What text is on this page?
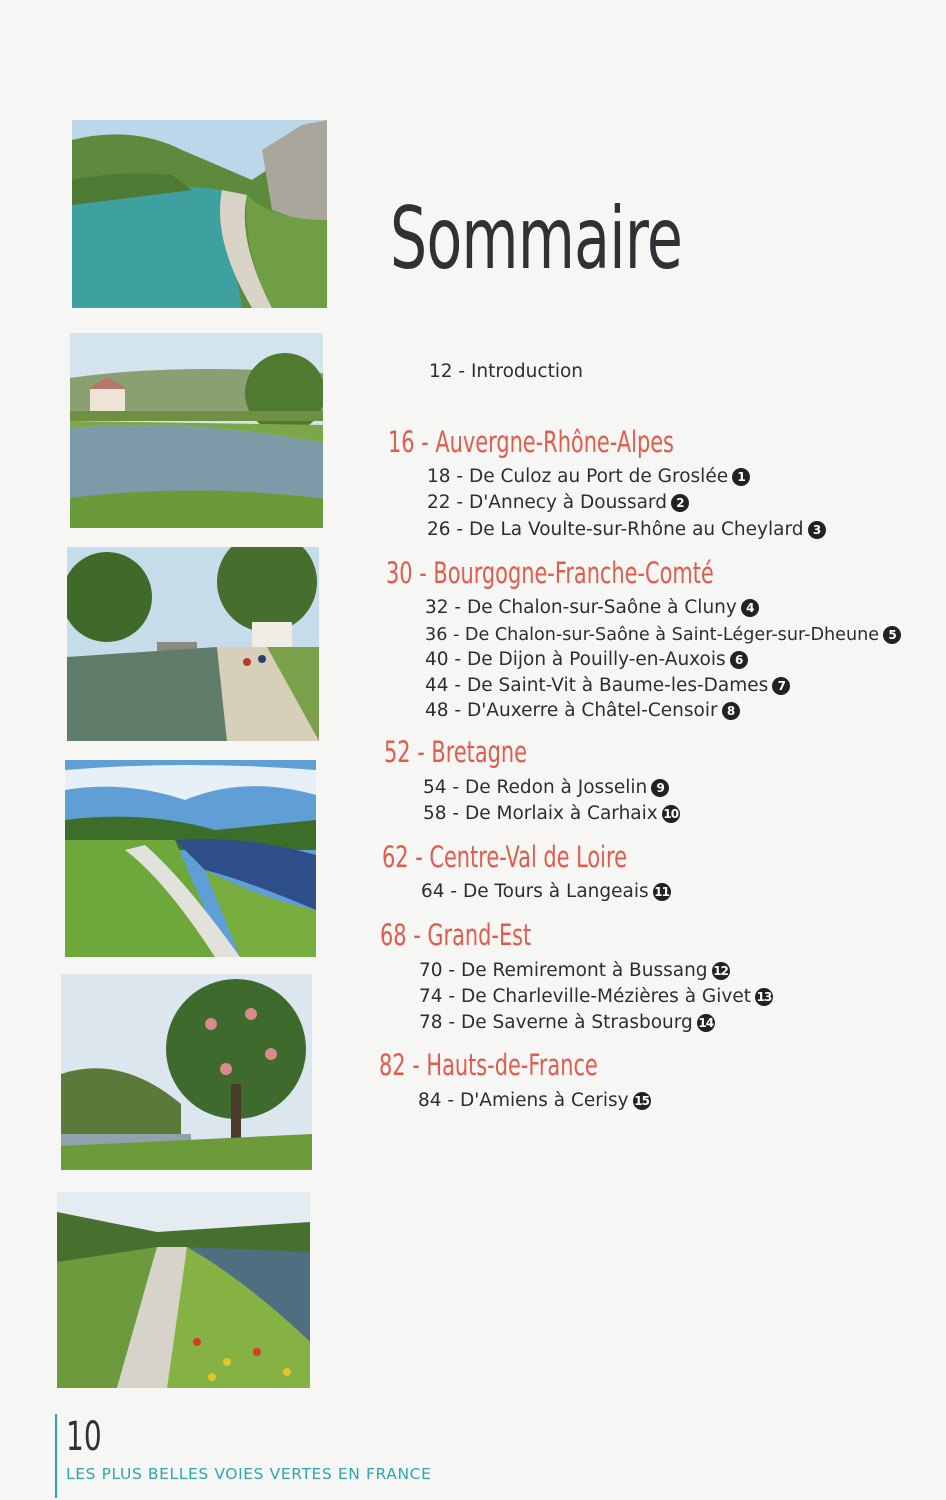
Sommaire
12 - Introduction
16 - Auvergne-Rhône-Alpes
18 - De Culoz au Port de Groslée 1
22 - D'Annecy à Doussard 2
26 - De La Voulte-sur-Rhône au Cheylard 3
30 - Bourgogne-Franche-Comté
32 - De Chalon-sur-Saône à Cluny 4
36 - De Chalon-sur-Saône à Saint-Léger-sur-Dheune 5
40 - De Dijon à Pouilly-en-Auxois 6
44 - De Saint-Vit à Baume-les-Dames 7
48 - D'Auxerre à Châtel-Censoir 8
52 - Bretagne
54 - De Redon à Josselin 9
58 - De Morlaix à Carhaix 10
62 - Centre-Val de Loire
64 - De Tours à Langeais 11
68 - Grand-Est
70 - De Remiremont à Bussang 12
74 - De Charleville-Mézières à Givet 13
78 - De Saverne à Strasbourg 14
82 - Hauts-de-France
84 - D'Amiens à Cerisy 15
10
LES PLUS BELLES VOIES VERTES EN FRANCE
